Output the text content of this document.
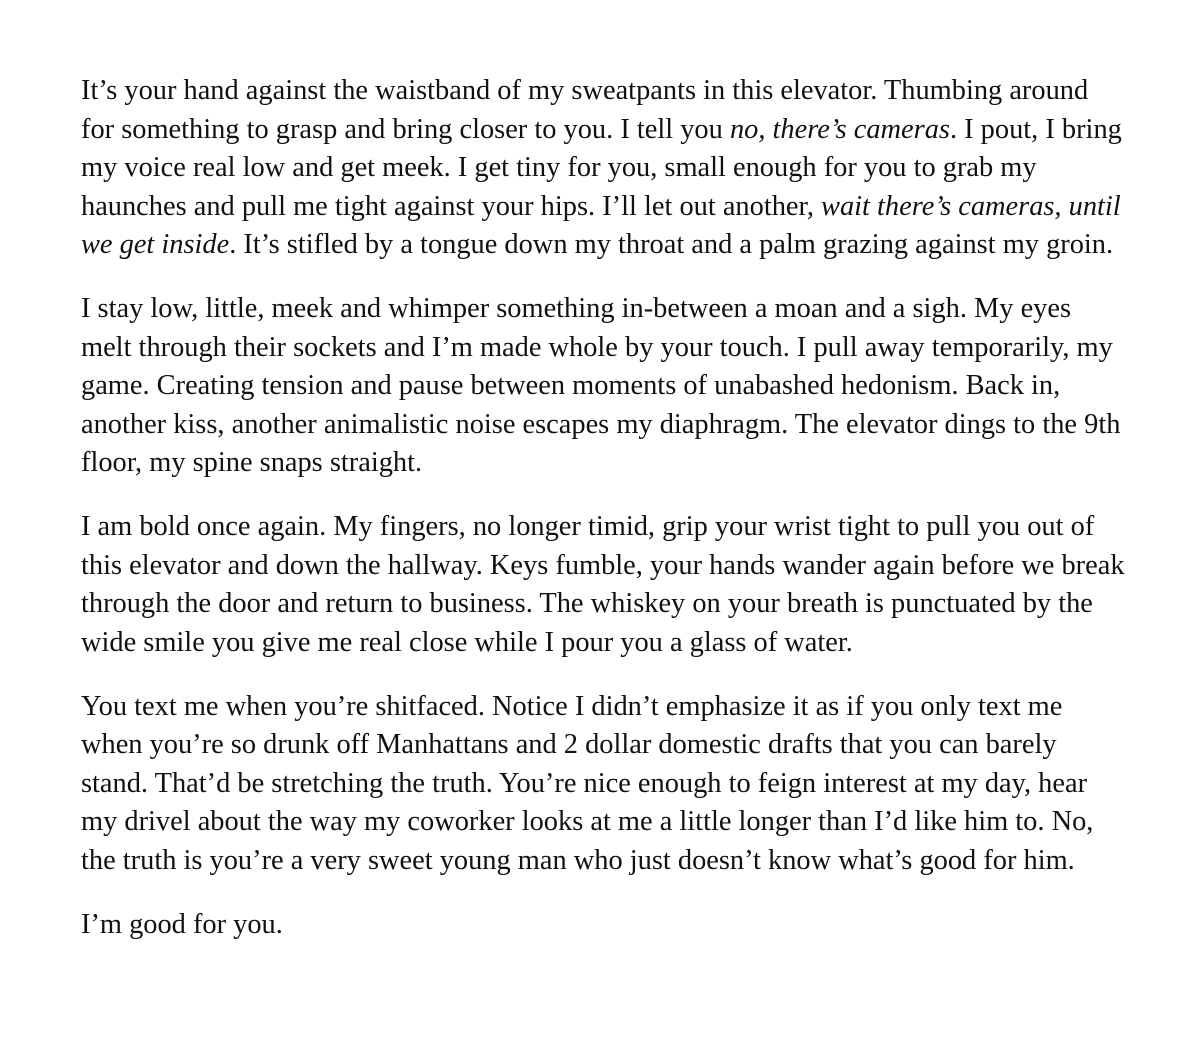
It’s your hand against the waistband of my sweatpants in this elevator. Thumbing around for something to grasp and bring closer to you. I tell you no, there’s cameras. I pout, I bring my voice real low and get meek. I get tiny for you, small enough for you to grab my haunches and pull me tight against your hips. I’ll let out another, wait there’s cameras, until we get inside. It’s stifled by a tongue down my throat and a palm grazing against my groin.

I stay low, little, meek and whimper something in-between a moan and a sigh. My eyes melt through their sockets and I’m made whole by your touch. I pull away temporarily, my game. Creating tension and pause between moments of unabashed hedonism. Back in, another kiss, another animalistic noise escapes my diaphragm. The elevator dings to the 9th floor, my spine snaps straight.

I am bold once again. My fingers, no longer timid, grip your wrist tight to pull you out of this elevator and down the hallway. Keys fumble, your hands wander again before we break through the door and return to business. The whiskey on your breath is punctuated by the wide smile you give me real close while I pour you a glass of water.

You text me when you’re shitfaced. Notice I didn’t emphasize it as if you only text me when you’re so drunk off Manhattans and 2 dollar domestic drafts that you can barely stand. That’d be stretching the truth. You’re nice enough to feign interest at my day, hear my drivel about the way my coworker looks at me a little longer than I’d like him to. No, the truth is you’re a very sweet young man who just doesn’t know what’s good for him.

I’m good for you.
